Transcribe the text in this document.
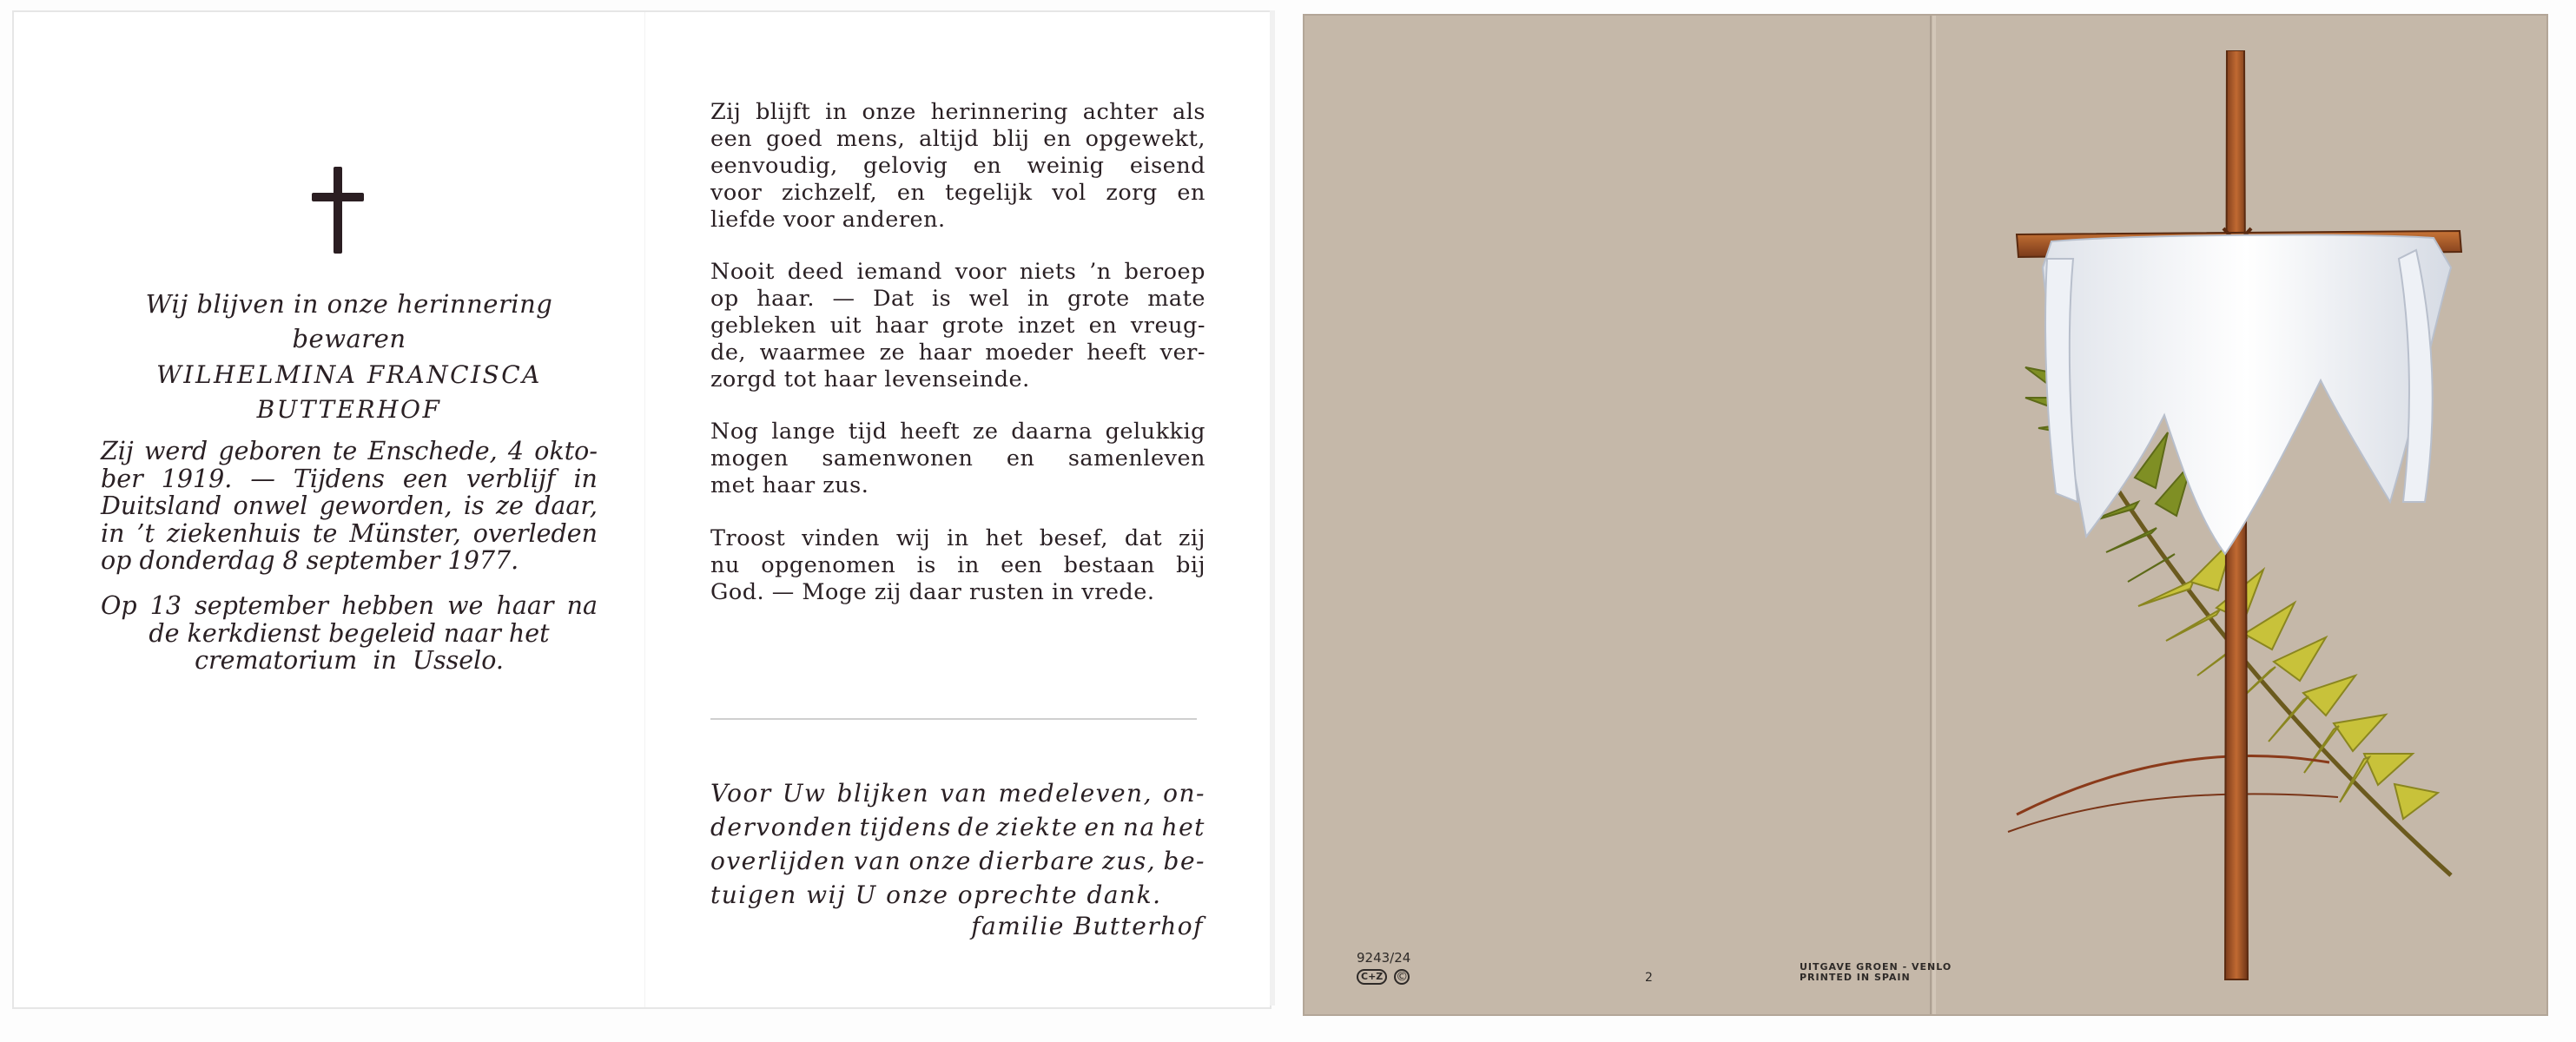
Wij blijven in onze herinnering
bewaren
WILHELMINA FRANCISCA
BUTTERHOF
Zij werd geboren te Enschede, 4 okto-
ber 1919. — Tijdens een verblijf in
Duitsland onwel geworden, is ze daar,
in ’t ziekenhuis te Münster, overleden
op donderdag 8 september 1977.
Op 13 september hebben we haar na
de kerkdienst begeleid naar het
crematorium  in  Usselo.
Zij blijft in onze herinnering achter als
een goed mens, altijd blij en opgewekt,
eenvoudig, gelovig en weinig eisend
voor zichzelf, en tegelijk vol zorg en
liefde voor anderen.
Nooit deed iemand voor niets ’n beroep
op haar. — Dat is wel in grote mate
gebleken uit haar grote inzet en vreug-
de, waarmee ze haar moeder heeft ver-
zorgd tot haar levenseinde.
Nog lange tijd heeft ze daarna gelukkig
mogen samenwonen en samenleven
met haar zus.
Troost vinden wij in het besef, dat zij
nu opgenomen is in een bestaan bij
God. — Moge zij daar rusten in vrede.
Voor Uw blijken van medeleven, on-
dervonden tijdens de ziekte en na het
overlijden van onze dierbare zus, be-
tuigen wij U onze oprechte dank.
familie Butterhof
9243/24
C+Z	©	2
UITGAVE GROEN - VENLO
PRINTED IN SPAIN
